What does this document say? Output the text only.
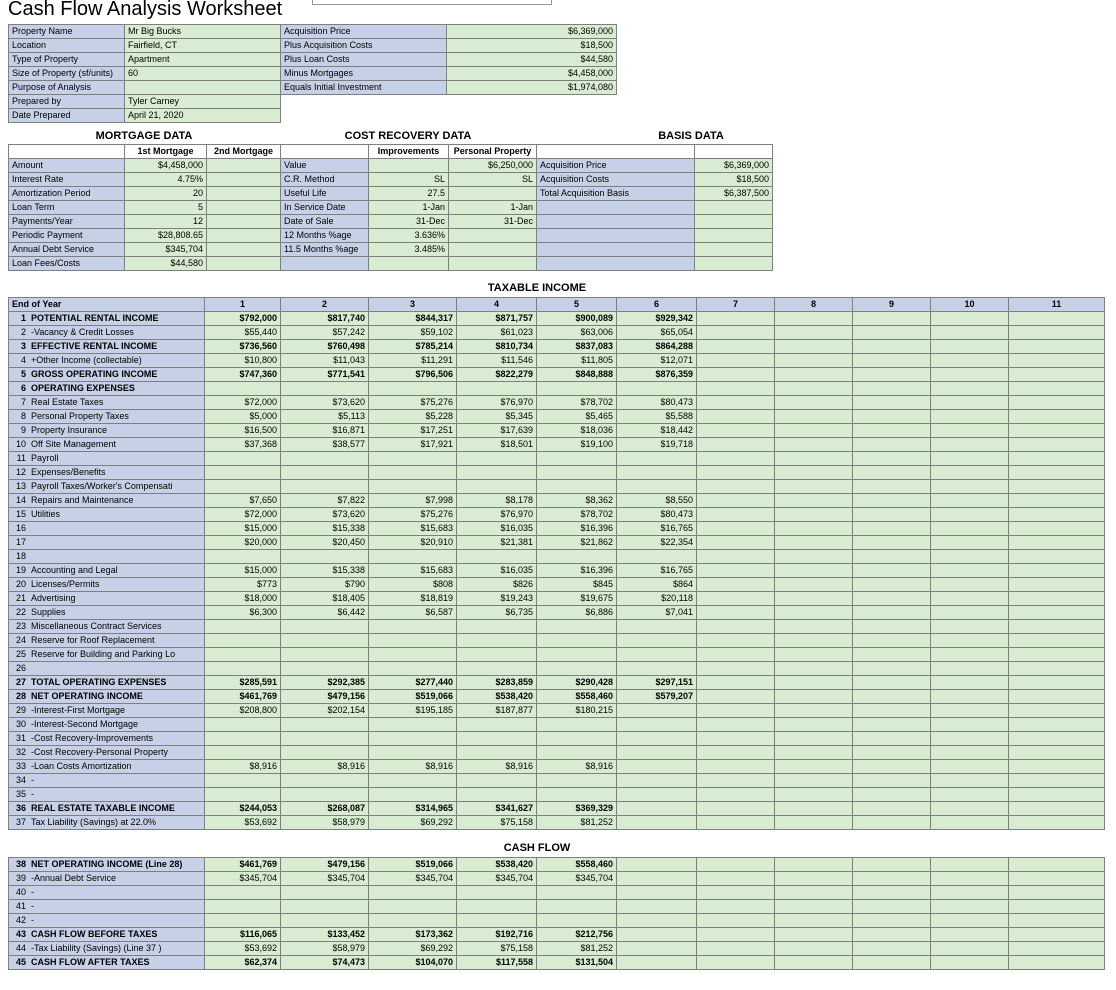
Cash Flow Analysis Worksheet
Property Name	Mr Big Bucks
Location	Fairfield, CT
Type of Property	Apartment
Size of Property (sf/units)	60
Purpose of Analysis	
Prepared by	Tyler Carney
Date Prepared	April 21, 2020
Acquisition Price	$6,369,000
Plus Acquisition Costs	$18,500
Plus Loan Costs	$44,580
Minus Mortgages	$4,458,000
Equals Initial Investment	$1,974,080

MORTGAGE DATA	COST RECOVERY DATA	BASIS DATA
	1st Mortgage	2nd Mortgage		Improvements	Personal Property		
Amount	$4,458,000		Value		$6,250,000	Acquisition Price	$6,369,000
Interest Rate	4.75%		C.R. Method	SL	SL	Acquisition Costs	$18,500
Amortization Period	20		Useful Life	27.5		Total Acquisition Basis	$6,387,500
Loan Term	5		In Service Date	1-Jan	1-Jan		
Payments/Year	12		Date of Sale	31-Dec	31-Dec		
Periodic Payment	$28,808.65		12 Months %age	3.636%			
Annual Debt Service	$345,704		11.5 Months %age	3.485%			
Loan Fees/Costs	$44,580						
TAXABLE INCOME
End of Year	1	2	3	4	5	6	7	8	9	10	11
1 POTENTIAL RENTAL INCOME	$792,000	$817,740	$844,317	$871,757	$900,089	$929,342					
2 -Vacancy & Credit Losses	$55,440	$57,242	$59,102	$61,023	$63,006	$65,054					
3 EFFECTIVE RENTAL INCOME	$736,560	$760,498	$785,214	$810,734	$837,083	$864,288					
4 +Other Income (collectable)	$10,800	$11,043	$11,291	$11,546	$11,805	$12,071					
5 GROSS OPERATING INCOME	$747,360	$771,541	$796,506	$822,279	$848,888	$876,359					
6 OPERATING EXPENSES											
7 Real Estate Taxes	$72,000	$73,620	$75,276	$76,970	$78,702	$80,473					
8 Personal Property Taxes	$5,000	$5,113	$5,228	$5,345	$5,465	$5,588					
9 Property Insurance	$16,500	$16,871	$17,251	$17,639	$18,036	$18,442					
10 Off Site Management	$37,368	$38,577	$17,921	$18,501	$19,100	$19,718					
11 Payroll											
12 Expenses/Benefits											
13 Payroll Taxes/Worker's Compensati											
14 Repairs and Maintenance	$7,650	$7,822	$7,998	$8,178	$8,362	$8,550					
15 Utilities	$72,000	$73,620	$75,276	$76,970	$78,702	$80,473					
16	$15,000	$15,338	$15,683	$16,035	$16,396	$16,765					
17	$20,000	$20,450	$20,910	$21,381	$21,862	$22,354					
18											
19 Accounting and Legal	$15,000	$15,338	$15,683	$16,035	$16,396	$16,765					
20 Licenses/Permits	$773	$790	$808	$826	$845	$864					
21 Advertising	$18,000	$18,405	$18,819	$19,243	$19,675	$20,118					
22 Supplies	$6,300	$6,442	$6,587	$6,735	$6,886	$7,041					
23 Miscellaneous Contract Services											
24 Reserve for Roof Replacement											
25 Reserve for Building and Parking Lo											
26											
27 TOTAL OPERATING EXPENSES	$285,591	$292,385	$277,440	$283,859	$290,428	$297,151					
28 NET OPERATING INCOME	$461,769	$479,156	$519,066	$538,420	$558,460	$579,207					
29 -Interest-First Mortgage	$208,800	$202,154	$195,185	$187,877	$180,215						
30 -Interest-Second Mortgage											
31 -Cost Recovery-Improvements											
32 -Cost Recovery-Personal Property											
33 -Loan Costs Amortization	$8,916	$8,916	$8,916	$8,916	$8,916						
34 -											
35 -											
36 REAL ESTATE TAXABLE INCOME	$244,053	$268,087	$314,965	$341,627	$369,329						
37 Tax Liability (Savings) at 22.0%	$53,692	$58,979	$69,292	$75,158	$81,252						
CASH FLOW
38 NET OPERATING INCOME (Line 28)	$461,769	$479,156	$519,066	$538,420	$558,460						
39 -Annual Debt Service	$345,704	$345,704	$345,704	$345,704	$345,704						
40 -											
41 -											
42 -											
43 CASH FLOW BEFORE TAXES	$116,065	$133,452	$173,362	$192,716	$212,756						
44 -Tax Liability (Savings) (Line 37 )	$53,692	$58,979	$69,292	$75,158	$81,252						
45 CASH FLOW AFTER TAXES	$62,374	$74,473	$104,070	$117,558	$131,504						
